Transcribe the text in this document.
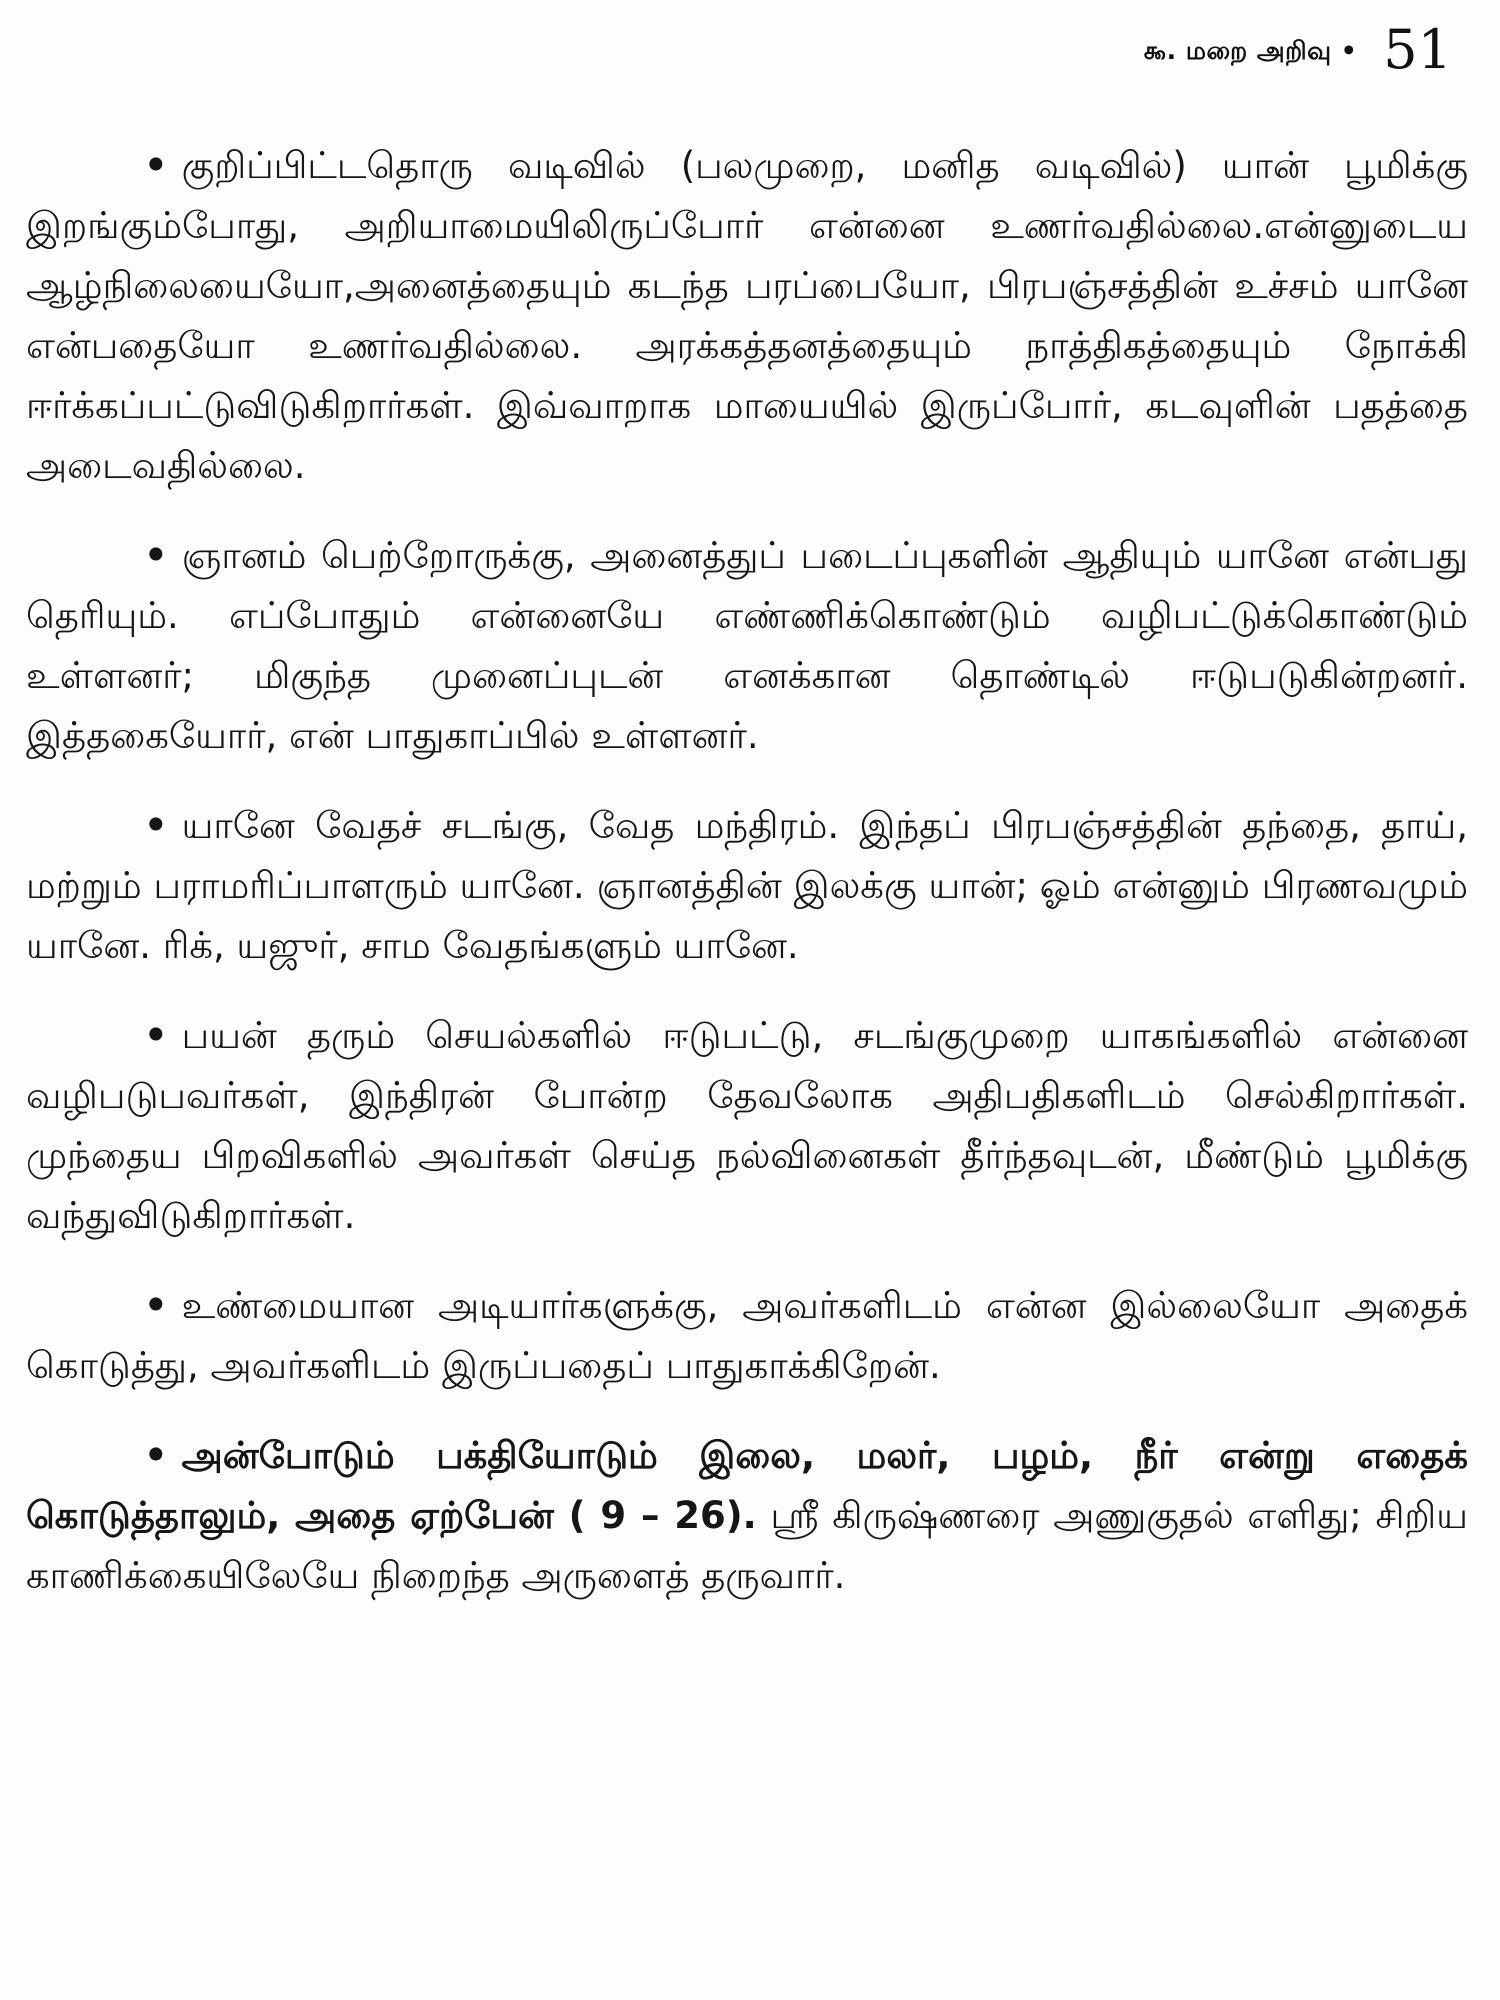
௯. மறை அறிவு • 51

• குறிப்பிட்டதொரு வடிவில் (பலமுறை, மனித வடிவில்) யான் பூமிக்கு இறங்கும்போது, அறியாமையிலிருப்போர் என்னை உணர்வதில்லை.என்னுடைய ஆழ்நிலையையோ,அனைத்தையும் கடந்த பரப்பையோ, பிரபஞ்சத்தின் உச்சம் யானே என்பதையோ உணர்வதில்லை. அரக்கத்தனத்தையும் நாத்திகத்தையும் நோக்கி ஈர்க்கப்பட்டுவிடுகிறார்கள். இவ்வாறாக மாயையில் இருப்போர், கடவுளின் பதத்தை அடைவதில்லை.

• ஞானம் பெற்றோருக்கு, அனைத்துப் படைப்புகளின் ஆதியும் யானே என்பது தெரியும். எப்போதும் என்னையே எண்ணிக்கொண்டும் வழிபட்டுக்கொண்டும் உள்ளனர்; மிகுந்த முனைப்புடன் எனக்கான தொண்டில் ஈடுபடுகின்றனர். இத்தகையோர், என் பாதுகாப்பில் உள்ளனர்.

• யானே வேதச் சடங்கு, வேத மந்திரம். இந்தப் பிரபஞ்சத்தின் தந்தை, தாய், மற்றும் பராமரிப்பாளரும் யானே. ஞானத்தின் இலக்கு யான்; ஓம் என்னும் பிரணவமும் யானே. ரிக், யஜுர், சாம வேதங்களும் யானே.

• பயன் தரும் செயல்களில் ஈடுபட்டு, சடங்குமுறை யாகங்களில் என்னை வழிபடுபவர்கள், இந்திரன் போன்ற தேவலோக அதிபதிகளிடம் செல்கிறார்கள். முந்தைய பிறவிகளில் அவர்கள் செய்த நல்வினைகள் தீர்ந்தவுடன், மீண்டும் பூமிக்கு வந்துவிடுகிறார்கள்.

• உண்மையான அடியார்களுக்கு, அவர்களிடம் என்ன இல்லையோ அதைக் கொடுத்து, அவர்களிடம் இருப்பதைப் பாதுகாக்கிறேன்.

• அன்போடும் பக்தியோடும் இலை, மலர், பழம், நீர் என்று எதைக் கொடுத்தாலும், அதை ஏற்பேன் ( 9 – 26). ஸ்ரீ கிருஷ்ணரை அணுகுதல் எளிது; சிறிய காணிக்கையிலேயே நிறைந்த அருளைத் தருவார்.
